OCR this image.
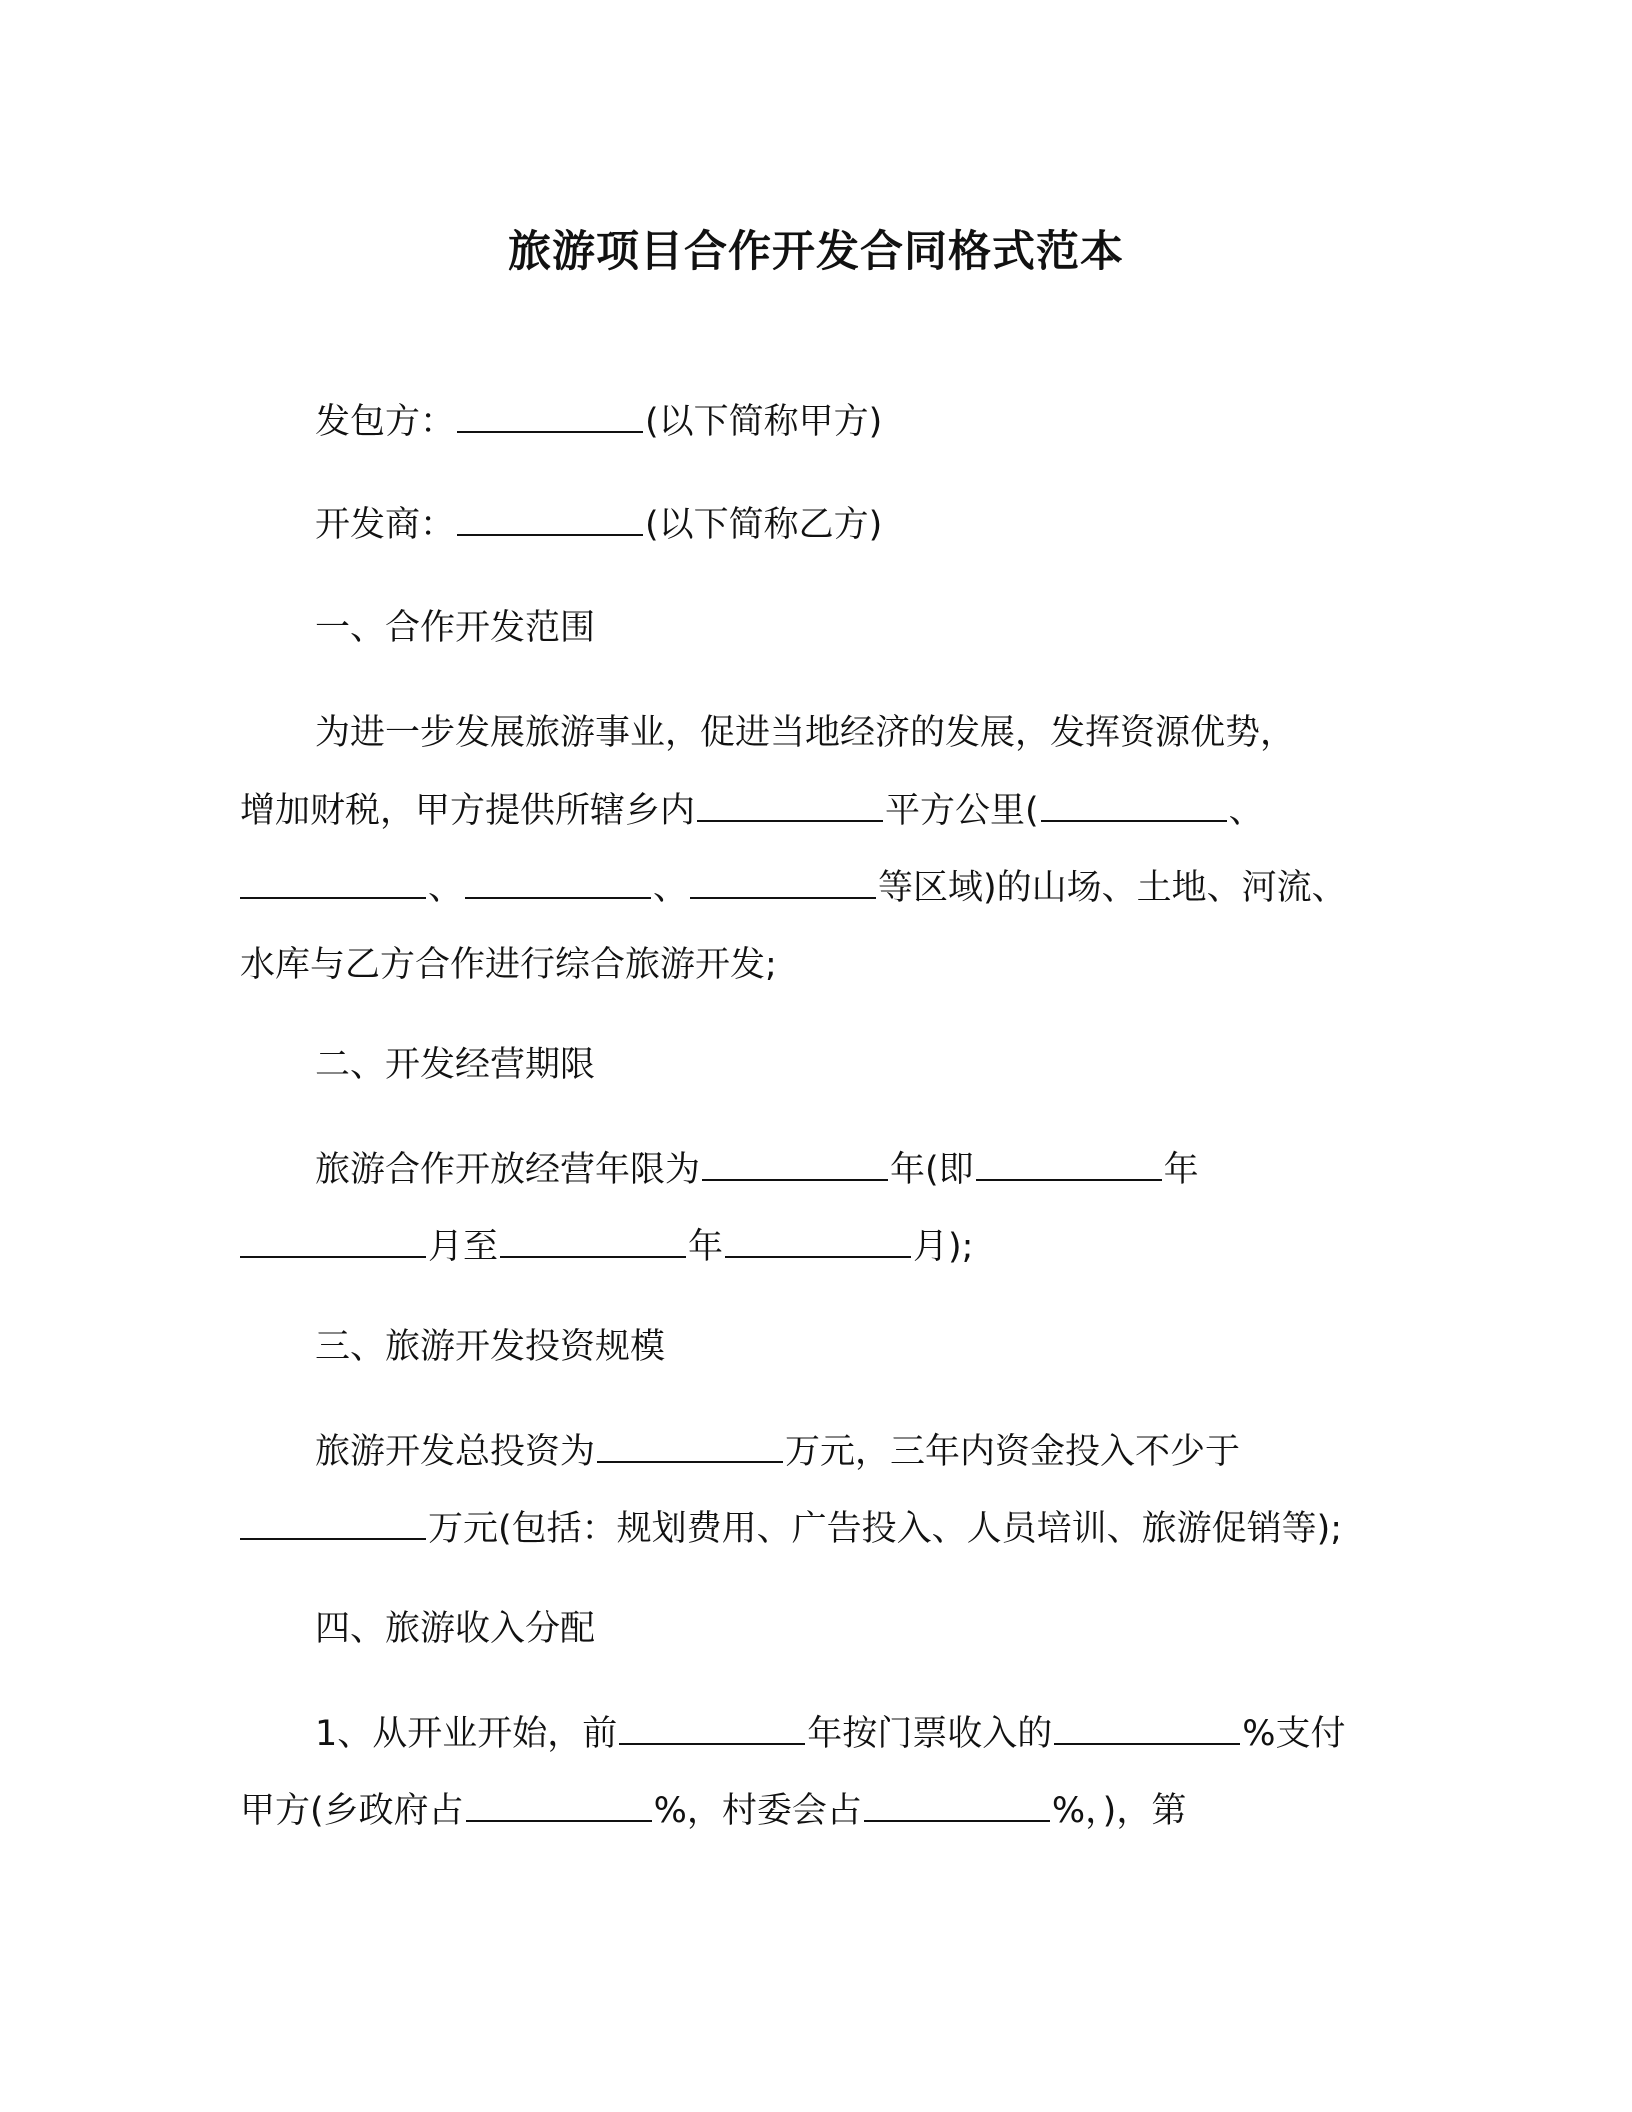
旅游项目合作开发合同格式范本
发包方：	(以下简称甲方)
开发商：	(以下简称乙方)
一、合作开发范围
为进一步发展旅游事业，促进当地经济的发展，发挥资源优势，
增加财税，甲方提供所辖乡内	平方公里(	、
、	、	等区域)的山场、土地、河流、
水库与乙方合作进行综合旅游开发;
二、开发经营期限
旅游合作开放经营年限为	年(即	年
月至	年	月);
三、旅游开发投资规模
旅游开发总投资为	万元，三年内资金投入不少于
万元(包括：规划费用、广告投入、人员培训、旅游促销等);
四、旅游收入分配
1、从开业开始，前	年按门票收入的	%支付
甲方(乡政府占	%，村委会占	%，)，第
